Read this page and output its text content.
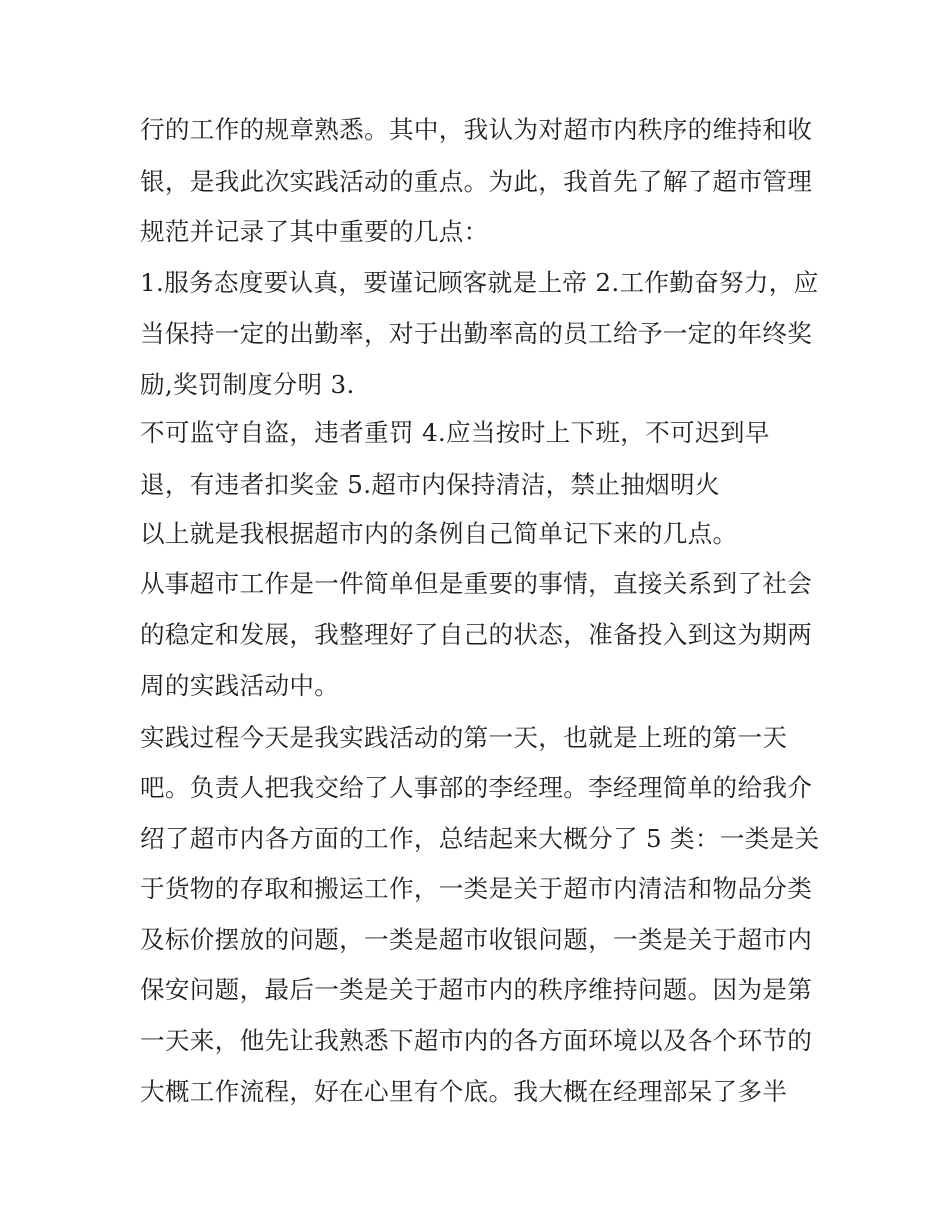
行的工作的规章熟悉。其中，我认为对超市内秩序的维持和收
银，是我此次实践活动的重点。为此，我首先了解了超市管理
规范并记录了其中重要的几点：
1.服务态度要认真，要谨记顾客就是上帝 2.工作勤奋努力，应
当保持一定的出勤率，对于出勤率高的员工给予一定的年终奖
励,奖罚制度分明 3.
不可监守自盗，违者重罚 4.应当按时上下班，不可迟到早
退，有违者扣奖金 5.超市内保持清洁，禁止抽烟明火
以上就是我根据超市内的条例自己简单记下来的几点。
从事超市工作是一件简单但是重要的事情，直接关系到了社会
的稳定和发展，我整理好了自己的状态，准备投入到这为期两
周的实践活动中。
实践过程今天是我实践活动的第一天，也就是上班的第一天
吧。负责人把我交给了人事部的李经理。李经理简单的给我介
绍了超市内各方面的工作，总结起来大概分了 5 类：一类是关
于货物的存取和搬运工作，一类是关于超市内清洁和物品分类
及标价摆放的问题，一类是超市收银问题，一类是关于超市内
保安问题，最后一类是关于超市内的秩序维持问题。因为是第
一天来，他先让我熟悉下超市内的各方面环境以及各个环节的
大概工作流程，好在心里有个底。我大概在经理部呆了多半
